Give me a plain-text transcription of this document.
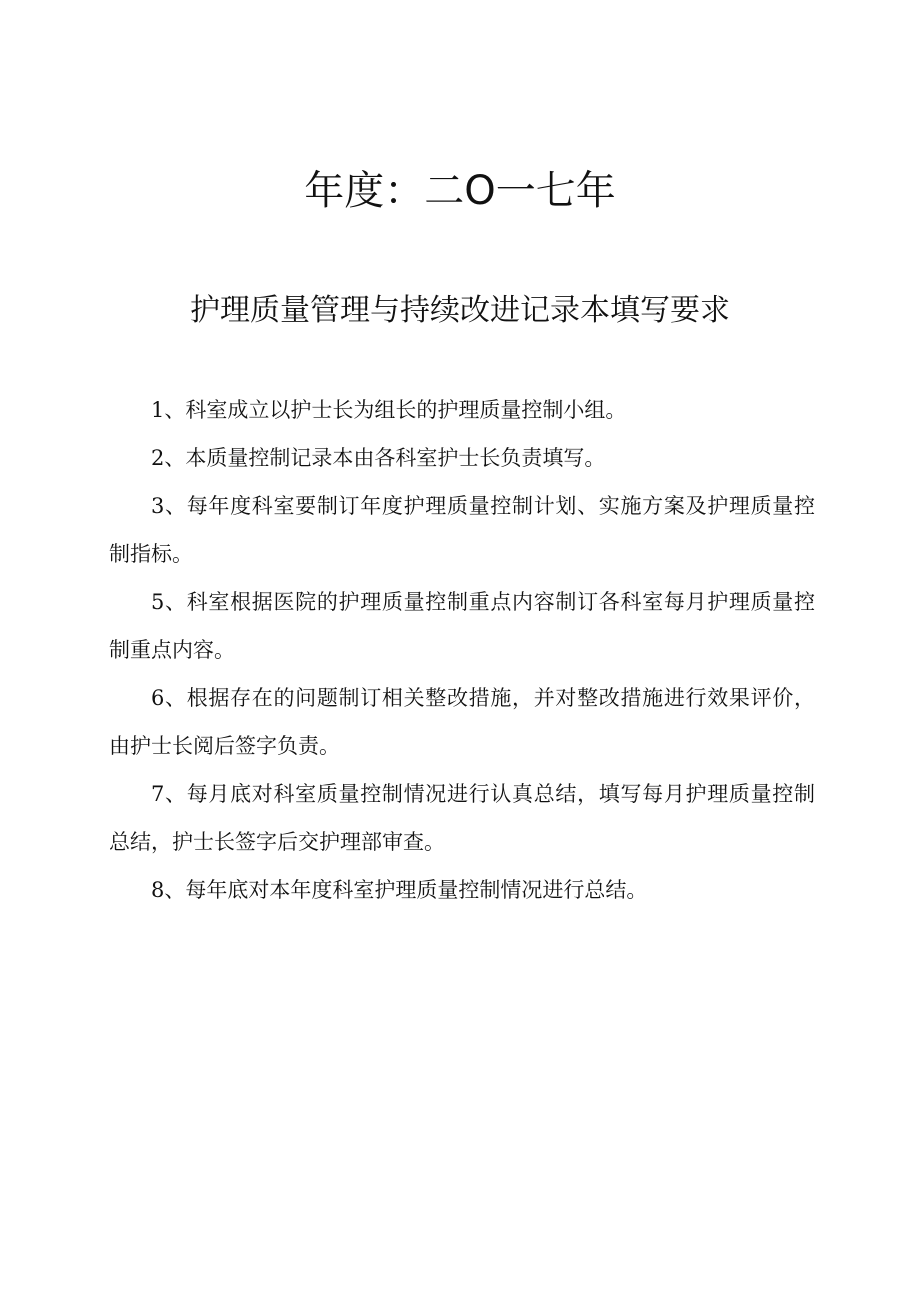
年度：二O一七年
护理质量管理与持续改进记录本填写要求
1、科室成立以护士长为组长的护理质量控制小组。
2、本质量控制记录本由各科室护士长负责填写。
3、每年度科室要制订年度护理质量控制计划、实施方案及护理质量控制指标。
5、科室根据医院的护理质量控制重点内容制订各科室每月护理质量控制重点内容。
6、根据存在的问题制订相关整改措施，并对整改措施进行效果评价，由护士长阅后签字负责。
7、每月底对科室质量控制情况进行认真总结，填写每月护理质量控制总结，护士长签字后交护理部审查。
8、每年底对本年度科室护理质量控制情况进行总结。
